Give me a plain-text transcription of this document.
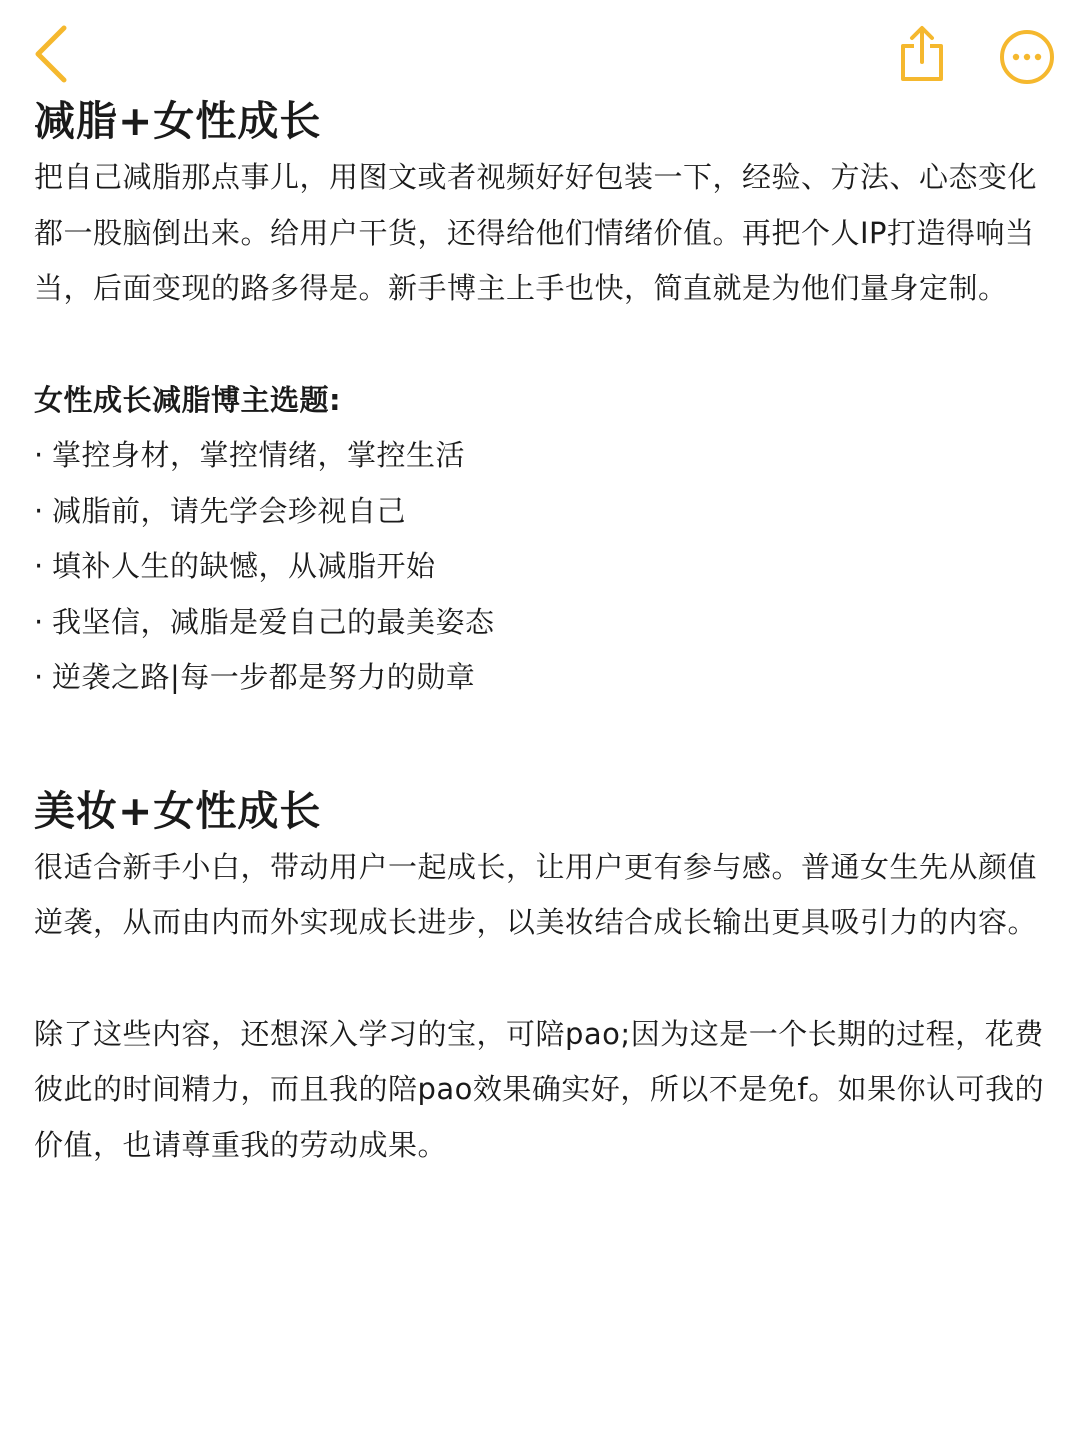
减脂+女性成长

把自己减脂那点事儿，用图文或者视频好好包装一下，经验、方法、心态变化都一股脑倒出来。给用户干货，还得给他们情绪价值。再把个人IP打造得响当当，后面变现的路多得是。新手博主上手也快，简直就是为他们量身定制。

女性成长减脂博主选题:

· 掌控身材，掌控情绪，掌控生活
· 减脂前，请先学会珍视自己
· 填补人生的缺憾，从减脂开始
· 我坚信，减脂是爱自己的最美姿态
· 逆袭之路|每一步都是努力的勋章
美妆+女性成长

很适合新手小白，带动用户一起成长，让用户更有参与感。普通女生先从颜值逆袭，从而由内而外实现成长进步，以美妆结合成长输出更具吸引力的内容。

除了这些内容，还想深入学习的宝，可陪pao;因为这是一个长期的过程，花费彼此的时间精力，而且我的陪pao效果确实好，所以不是免f。如果你认可我的价值，也请尊重我的劳动成果。
